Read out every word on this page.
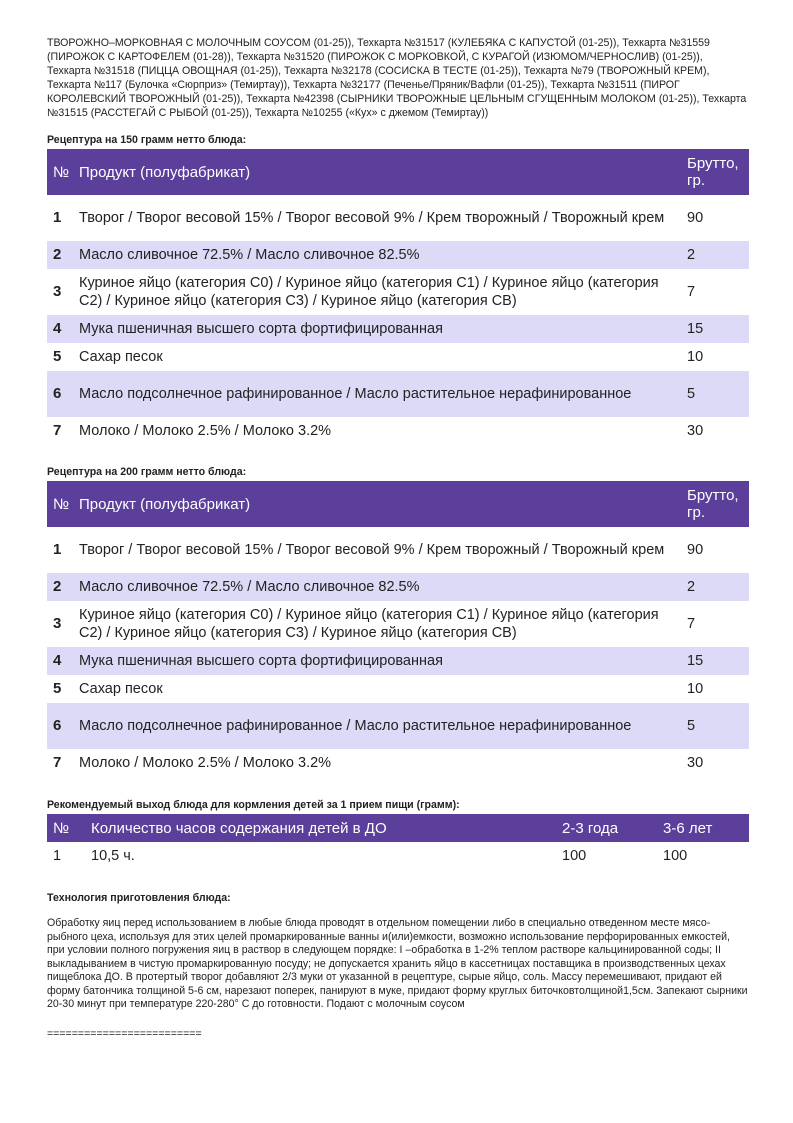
ТВОРОЖНО–МОРКОВНАЯ С МОЛОЧНЫМ СОУСОМ (01-25)), Техкарта №31517 (КУЛЕБЯКА С КАПУСТОЙ (01-25)), Техкарта №31559 (ПИРОЖОК С КАРТОФЕЛЕМ (01-28)), Техкарта №31520 (ПИРОЖОК С МОРКОВКОЙ, С КУРАГОЙ (ИЗЮМОМ/ЧЕРНОСЛИВ) (01-25)), Техкарта №31518 (ПИЦЦА ОВОЩНАЯ (01-25)), Техкарта №32178 (СОСИСКА В ТЕСТЕ (01-25)), Техкарта №79 (ТВОРОЖНЫЙ КРЕМ), Техкарта №117 (Булочка «Сюрприз» (Темиртау)), Техкарта №32177 (Печенье/Пряник/Вафли (01-25)), Техкарта №31511 (ПИРОГ КОРОЛЕВСКИЙ ТВОРОЖНЫЙ (01-25)), Техкарта №42398 (СЫРНИКИ ТВОРОЖНЫЕ ЦЕЛЬНЫМ СГУЩЕННЫМ МОЛОКОМ (01-25)), Техкарта №31515 (РАССТЕГАЙ С РЫБОЙ (01-25)), Техкарта №10255 («Кух» с джемом (Темиртау))

Рецептура на 150 грамм нетто блюда:

№	Продукт (полуфабрикат)	Брутто, гр.
1	Творог / Творог весовой 15% / Творог весовой 9% / Крем творожный / Творожный крем	90
2	Масло сливочное 72.5% / Масло сливочное 82.5%	2
3	Куриное яйцо (категория С0) / Куриное яйцо (категория С1) / Куриное яйцо (категория С2) / Куриное яйцо (категория С3) / Куриное яйцо (категория СВ)	7
4	Мука пшеничная высшего сорта фортифицированная	15
5	Сахар песок	10
6	Масло подсолнечное рафинированное / Масло растительное нерафинированное	5
7	Молоко / Молоко 2.5% / Молоко 3.2%	30

Рецептура на 200 грамм нетто блюда:

№	Продукт (полуфабрикат)	Брутто, гр.
1	Творог / Творог весовой 15% / Творог весовой 9% / Крем творожный / Творожный крем	90
2	Масло сливочное 72.5% / Масло сливочное 82.5%	2
3	Куриное яйцо (категория С0) / Куриное яйцо (категория С1) / Куриное яйцо (категория С2) / Куриное яйцо (категория С3) / Куриное яйцо (категория СВ)	7
4	Мука пшеничная высшего сорта фортифицированная	15
5	Сахар песок	10
6	Масло подсолнечное рафинированное / Масло растительное нерафинированное	5
7	Молоко / Молоко 2.5% / Молоко 3.2%	30

Рекомендуемый выход блюда для кормления детей за 1 прием пищи (грамм):

№	Количество часов содержания детей в ДО	2-3 года	3-6 лет
1	10,5 ч.	100	100

Технология приготовления блюда:

Обработку яиц перед использованием в любые блюда проводят в отдельном помещении либо в специально отведенном месте мясо-рыбного цеха, используя для этих целей промаркированные ванны и(или)емкости, возможно использование перфорированных емкостей, при условии полного погружения яиц в раствор в следующем порядке: I –обработка в 1-2% теплом растворе кальцинированной соды; II выкладыванием в чистую промаркированную посуду; не допускается хранить яйцо в кассетницах поставщика в производственных цехах пищеблока ДО. В протертый творог добавляют 2/3 муки от указанной в рецептуре, сырые яйцо, соль. Массу перемешивают, придают ей форму батончика толщиной 5-6 см, нарезают поперек, панируют в муке, придают форму круглых биточковтолщиной1,5см. Запекают сырники 20-30 минут при температуре 220-280° С до готовности. Подают с молочным соусом

=========================
